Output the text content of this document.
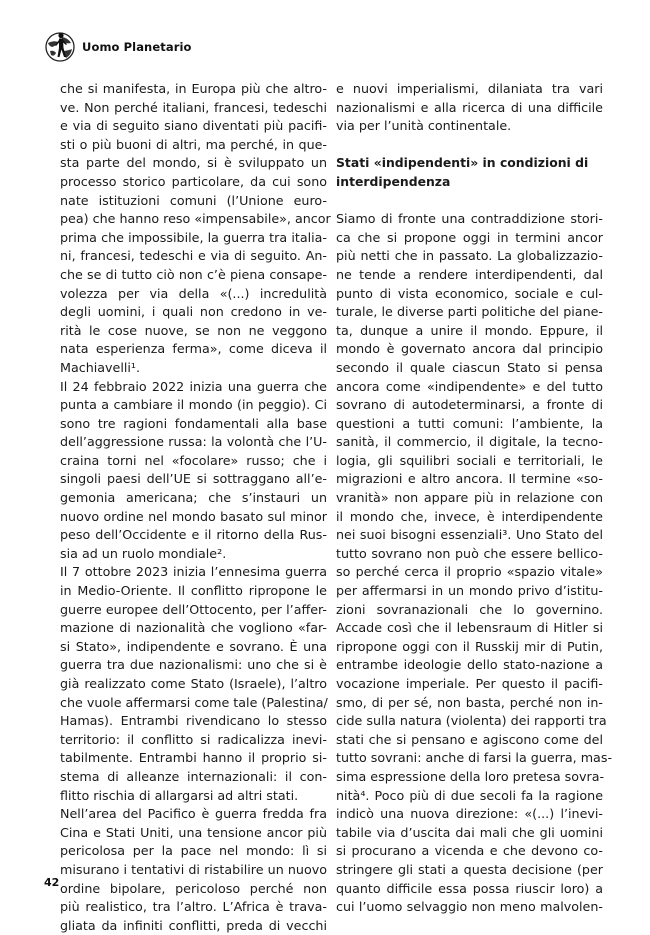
Uomo Planetario
che si manifesta, in Europa più che altro-
ve. Non perché italiani, francesi, tedeschi
e via di seguito siano diventati più pacifi-
sti o più buoni di altri, ma perché, in que-
sta parte del mondo, si è sviluppato un
processo storico particolare, da cui sono
nate istituzioni comuni (l’Unione euro-
pea) che hanno reso «impensabile», ancor
prima che impossibile, la guerra tra italia-
ni, francesi, tedeschi e via di seguito. An-
che se di tutto ciò non c’è piena consape-
volezza per via della «(...) incredulità
degli uomini, i quali non credono in ve-
rità le cose nuove, se non ne veggono
nata esperienza ferma», come diceva il
Machiavelli¹.
Il 24 febbraio 2022 inizia una guerra che
punta a cambiare il mondo (in peggio). Ci
sono tre ragioni fondamentali alla base
dell’aggressione russa: la volontà che l’U-
craina torni nel «focolare» russo; che i
singoli paesi dell’UE si sottraggano all’e-
gemonia americana; che s’instauri un
nuovo ordine nel mondo basato sul minor
peso dell’Occidente e il ritorno della Rus-
sia ad un ruolo mondiale².
Il 7 ottobre 2023 inizia l’ennesima guerra
in Medio-Oriente. Il conflitto ripropone le
guerre europee dell’Ottocento, per l’affer-
mazione di nazionalità che vogliono «far-
si Stato», indipendente e sovrano. È una
guerra tra due nazionalismi: uno che si è
già realizzato come Stato (Israele), l’altro
che vuole affermarsi come tale (Palestina/
Hamas). Entrambi rivendicano lo stesso
territorio: il conflitto si radicalizza inevi-
tabilmente. Entrambi hanno il proprio si-
stema di alleanze internazionali: il con-
flitto rischia di allargarsi ad altri stati.
Nell’area del Pacifico è guerra fredda fra
Cina e Stati Uniti, una tensione ancor più
pericolosa per la pace nel mondo: lì si
misurano i tentativi di ristabilire un nuovo
ordine bipolare, pericoloso perché non
più realistico, tra l’altro. L’Africa è trava-
gliata da infiniti conflitti, preda di vecchi
e nuovi imperialismi, dilaniata tra vari
nazionalismi e alla ricerca di una difficile
via per l’unità continentale.
Stati «indipendenti» in condizioni di
interdipendenza
Siamo di fronte una contraddizione stori-
ca che si propone oggi in termini ancor
più netti che in passato. La globalizzazio-
ne tende a rendere interdipendenti, dal
punto di vista economico, sociale e cul-
turale, le diverse parti politiche del piane-
ta, dunque a unire il mondo. Eppure, il
mondo è governato ancora dal principio
secondo il quale ciascun Stato si pensa
ancora come «indipendente» e del tutto
sovrano di autodeterminarsi, a fronte di
questioni a tutti comuni: l’ambiente, la
sanità, il commercio, il digitale, la tecno-
logia, gli squilibri sociali e territoriali, le
migrazioni e altro ancora. Il termine «so-
vranità» non appare più in relazione con
il mondo che, invece, è interdipendente
nei suoi bisogni essenziali³. Uno Stato del
tutto sovrano non può che essere bellico-
so perché cerca il proprio «spazio vitale»
per affermarsi in un mondo privo d’istitu-
zioni sovranazionali che lo governino.
Accade così che il lebensraum di Hitler si
ripropone oggi con il Russkij mir di Putin,
entrambe ideologie dello stato-nazione a
vocazione imperiale. Per questo il pacifi-
smo, di per sé, non basta, perché non in-
cide sulla natura (violenta) dei rapporti tra
stati che si pensano e agiscono come del
tutto sovrani: anche di farsi la guerra, mas-
sima espressione della loro pretesa sovra-
nità⁴. Poco più di due secoli fa la ragione
indicò una nuova direzione: «(...) l’inevi-
tabile via d’uscita dai mali che gli uomini
si procurano a vicenda e che devono co-
stringere gli stati a questa decisione (per
quanto difficile essa possa riuscir loro) a
cui l’uomo selvaggio non meno malvolen-
42
